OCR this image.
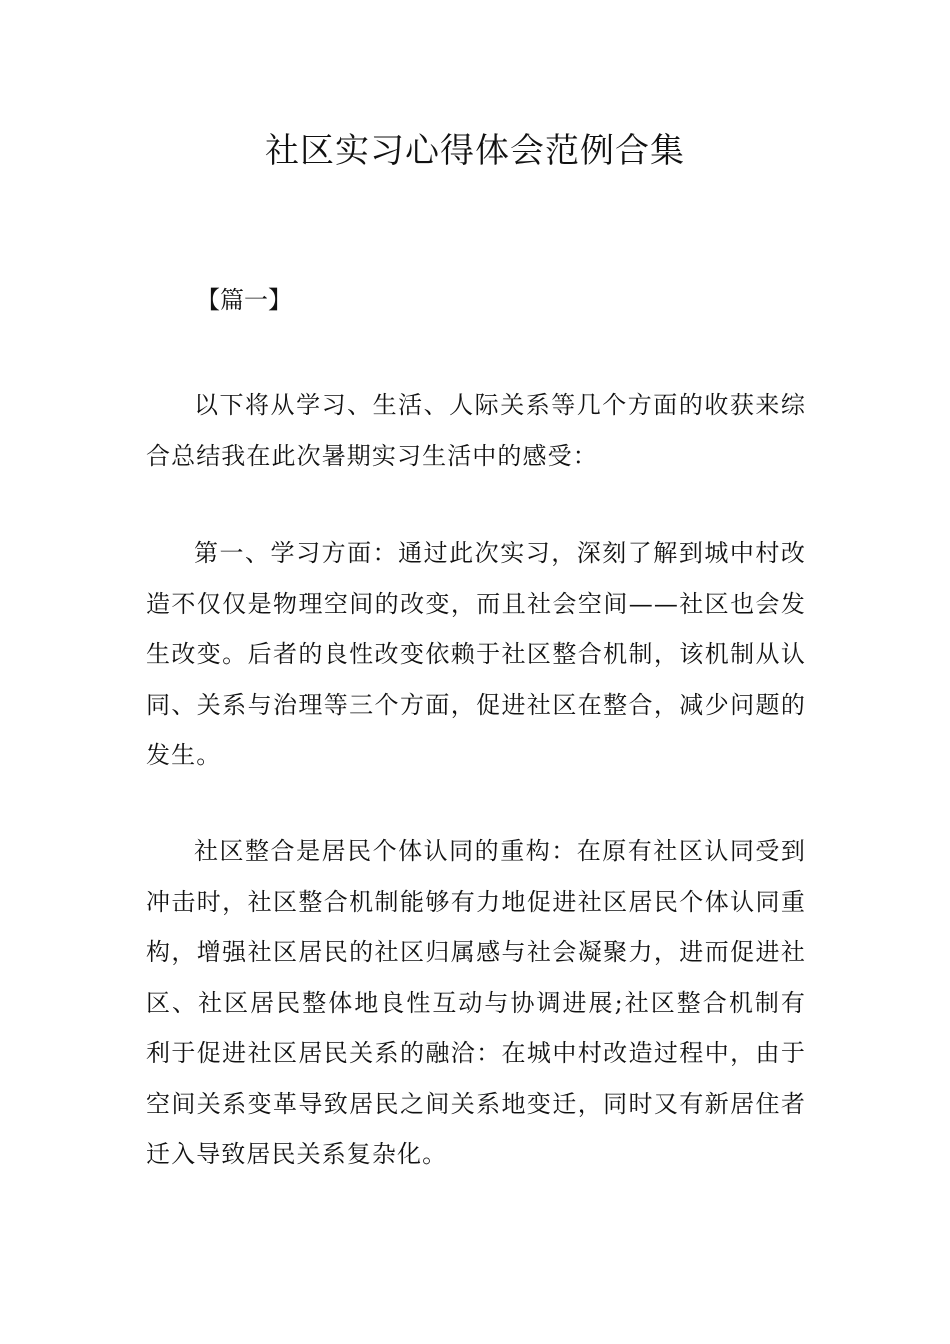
社区实习心得体会范例合集

【篇一】

以下将从学习、生活、人际关系等几个方面的收获来综合总结我在此次暑期实习生活中的感受：

第一、学习方面：通过此次实习，深刻了解到城中村改造不仅仅是物理空间的改变，而且社会空间——社区也会发生改变。后者的良性改变依赖于社区整合机制，该机制从认同、关系与治理等三个方面，促进社区在整合，减少问题的发生。

社区整合是居民个体认同的重构：在原有社区认同受到冲击时，社区整合机制能够有力地促进社区居民个体认同重构，增强社区居民的社区归属感与社会凝聚力，进而促进社区、社区居民整体地良性互动与协调进展;社区整合机制有利于促进社区居民关系的融洽：在城中村改造过程中，由于空间关系变革导致居民之间关系地变迁，同时又有新居住者迁入导致居民关系复杂化。
